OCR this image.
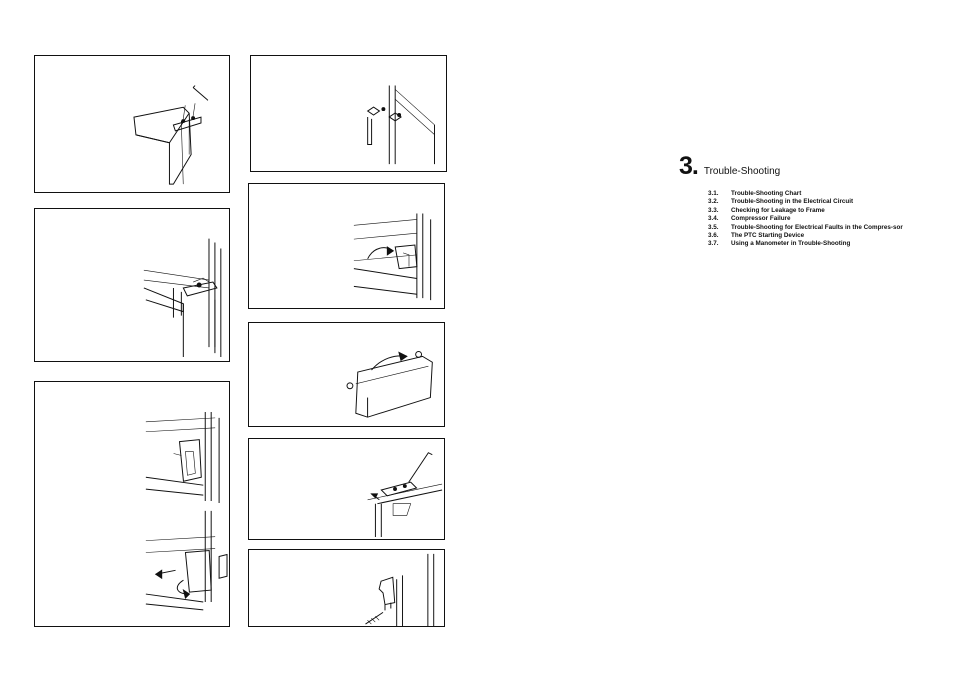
3. Trouble-Shooting
3.1.	Trouble-Shooting Chart
3.2.	Trouble-Shooting in the Electrical Circuit
3.3.	Checking for Leakage to Frame
3.4.	Compressor Failure
3.5.	Trouble-Shooting for Electrical Faults in the Compres-sor
3.6.	The PTC Starting Device
3.7.	Using a Manometer in Trouble-Shooting
